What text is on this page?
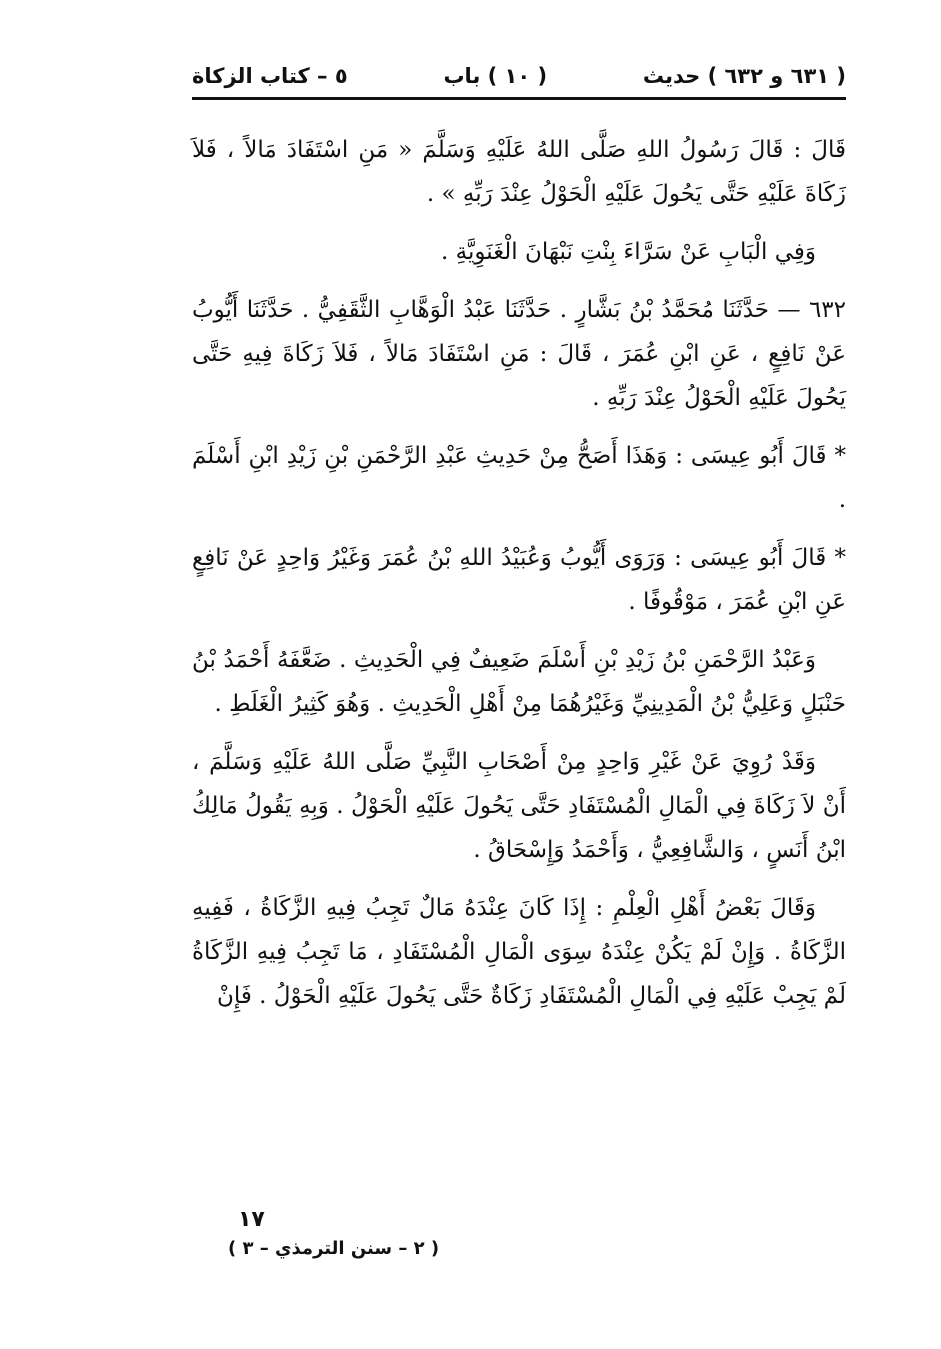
٥ – كتاب الزكاة	( ١٠ ) باب	( ٦٣١ و ٦٣٢ ) حديث

قَالَ : قَالَ رَسُولُ اللهِ صَلَّى اللهُ عَلَيْهِ وَسَلَّمَ « مَنِ اسْتَفَادَ مَالاً ، فَلاَ زَكَاةَ عَلَيْهِ حَتَّى يَحُولَ عَلَيْهِ الْحَوْلُ عِنْدَ رَبِّهِ » .

وَفِي الْبَابِ عَنْ سَرَّاءَ بِنْتِ نَبْهَانَ الْغَنَوِيَّةِ .

٦٣٢ — حَدَّثَنَا مُحَمَّدُ بْنُ بَشَّارٍ . حَدَّثَنَا عَبْدُ الْوَهَّابِ الثَّقَفِيُّ . حَدَّثَنَا أَيُّوبُ عَنْ نَافِعٍ ، عَنِ ابْنِ عُمَرَ ، قَالَ : مَنِ اسْتَفَادَ مَالاً ، فَلاَ زَكَاةَ فِيهِ حَتَّى يَحُولَ عَلَيْهِ الْحَوْلُ عِنْدَ رَبِّهِ .

* قَالَ أَبُو عِيسَى : وَهَذَا أَصَحُّ مِنْ حَدِيثِ عَبْدِ الرَّحْمَنِ بْنِ زَيْدِ ابْنِ أَسْلَمَ .

* قَالَ أَبُو عِيسَى : وَرَوَى أَيُّوبُ وَعُبَيْدُ اللهِ بْنُ عُمَرَ وَغَيْرُ وَاحِدٍ عَنْ نَافِعٍ عَنِ ابْنِ عُمَرَ ، مَوْقُوفًا .

وَعَبْدُ الرَّحْمَنِ بْنُ زَيْدِ بْنِ أَسْلَمَ ضَعِيفٌ فِي الْحَدِيثِ . ضَعَّفَهُ أَحْمَدُ بْنُ حَنْبَلٍ وَعَلِيُّ بْنُ الْمَدِينِيِّ وَغَيْرُهُمَا مِنْ أَهْلِ الْحَدِيثِ . وَهُوَ كَثِيرُ الْغَلَطِ .

وَقَدْ رُوِيَ عَنْ غَيْرِ وَاحِدٍ مِنْ أَصْحَابِ النَّبِيِّ صَلَّى اللهُ عَلَيْهِ وَسَلَّمَ ، أَنْ لاَ زَكَاةَ فِي الْمَالِ الْمُسْتَفَادِ حَتَّى يَحُولَ عَلَيْهِ الْحَوْلُ . وَبِهِ يَقُولُ مَالِكُ ابْنُ أَنَسٍ ، وَالشَّافِعِيُّ ، وَأَحْمَدُ وَإِسْحَاقُ .

وَقَالَ بَعْضُ أَهْلِ الْعِلْمِ : إِذَا كَانَ عِنْدَهُ مَالٌ تَجِبُ فِيهِ الزَّكَاةُ ، فَفِيهِ الزَّكَاةُ . وَإِنْ لَمْ يَكُنْ عِنْدَهُ سِوَى الْمَالِ الْمُسْتَفَادِ ، مَا تَجِبُ فِيهِ الزَّكَاةُ لَمْ يَجِبْ عَلَيْهِ فِي الْمَالِ الْمُسْتَفَادِ زَكَاةٌ حَتَّى يَحُولَ عَلَيْهِ الْحَوْلُ . فَإِنْ

١٧
( ٢ – سنن الترمذي – ٣ )
